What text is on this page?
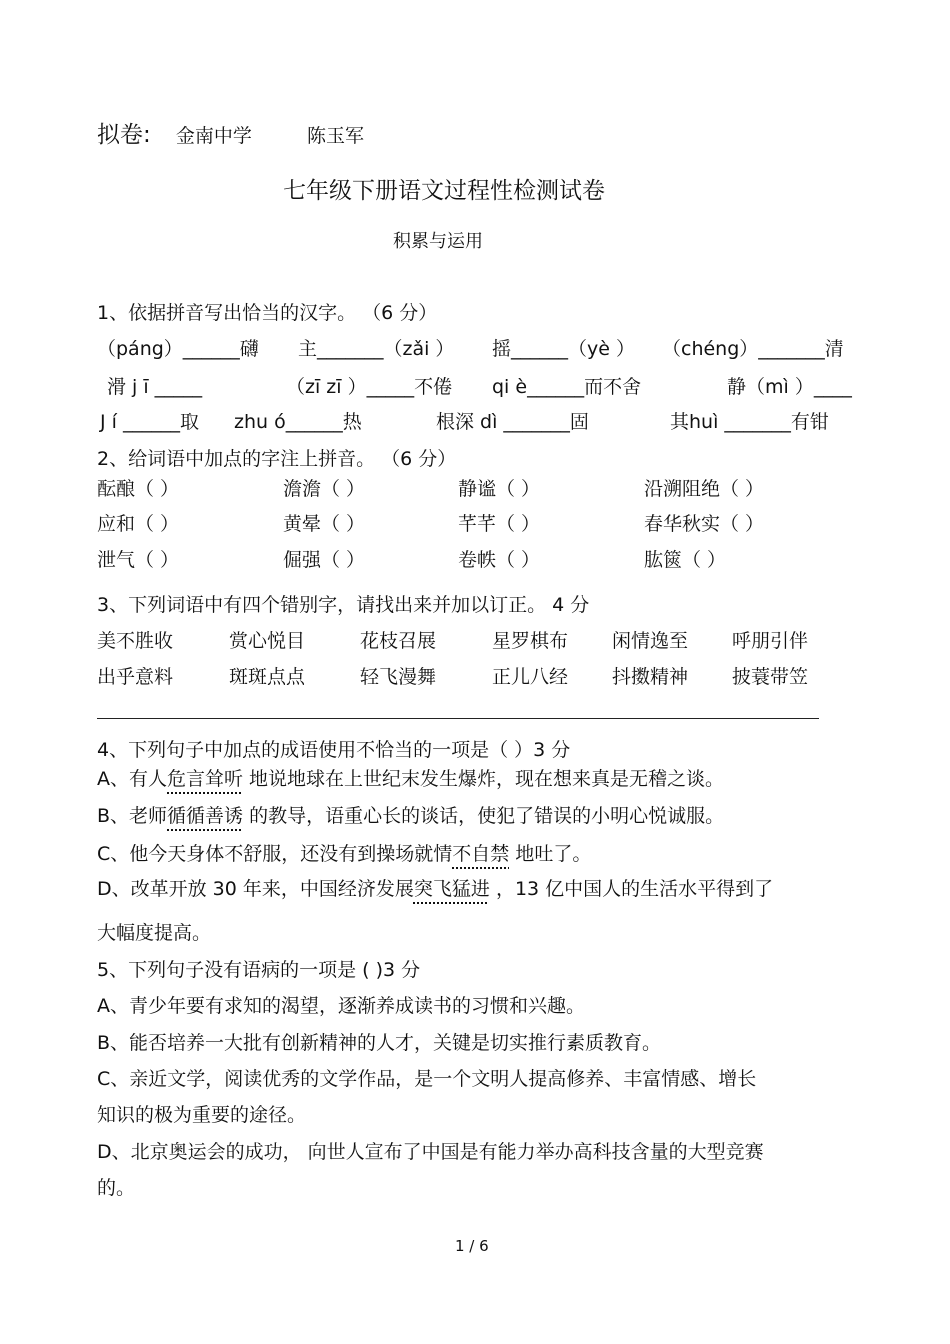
拟卷: 金南中学	陈玉军
七年级下册语文过程性检测试卷
积累与运用
1、依据拼音写出恰当的汉字。 （6 分）
（páng）______礴 主_______（zǎi ） 摇______（yè ） （chéng）_______清
滑 j ī _____	（zī zī ）_____不倦 qi è______而不舍	静（mì ）____
J í ______取 zhu ó______热	根深 dì _______固	其huì _______有钳
2、给词语中加点的字注上拼音。 （6 分）
酝酿（ ）	澹澹（ ）	静谧（ ）	沿溯阻绝（ ）
应和（ ）	黄晕（ ）	芊芊（ ）	春华秋实（ ）
泄气（ ）	倔强（ ）	卷帙（ ）	肱篋（ ）
3、下列词语中有四个错别字，请找出来并加以订正。 4 分
美不胜收	赏心悦目	花枝召展	星罗棋布 闲情逸至 呼朋引伴
出乎意料	斑斑点点	轻飞漫舞	正儿八经 抖擞精神 披蓑带笠
4、下列句子中加点的成语使用不恰当的一项是（ ）3 分
A、有人危言耸听 地说地球在上世纪末发生爆炸，现在想来真是无稽之谈。
B、老师循循善诱 的教导，语重心长的谈话，使犯了错误的小明心悦诚服。
C、他今天身体不舒服，还没有到操场就情不自禁 地吐了。
D、改革开放 30 年来，中国经济发展突飞猛进 ，13 亿中国人的生活水平得到了
大幅度提高。
5、下列句子没有语病的一项是 ( )3 分
A、青少年要有求知的渴望，逐渐养成读书的习惯和兴趣。
B、能否培养一大批有创新精神的人才，关键是切实推行素质教育。
C、亲近文学，阅读优秀的文学作品，是一个文明人提高修养、丰富情感、增长
知识的极为重要的途径。
D、北京奥运会的成功， 向世人宣布了中国是有能力举办高科技含量的大型竞赛
的。
1 / 6
